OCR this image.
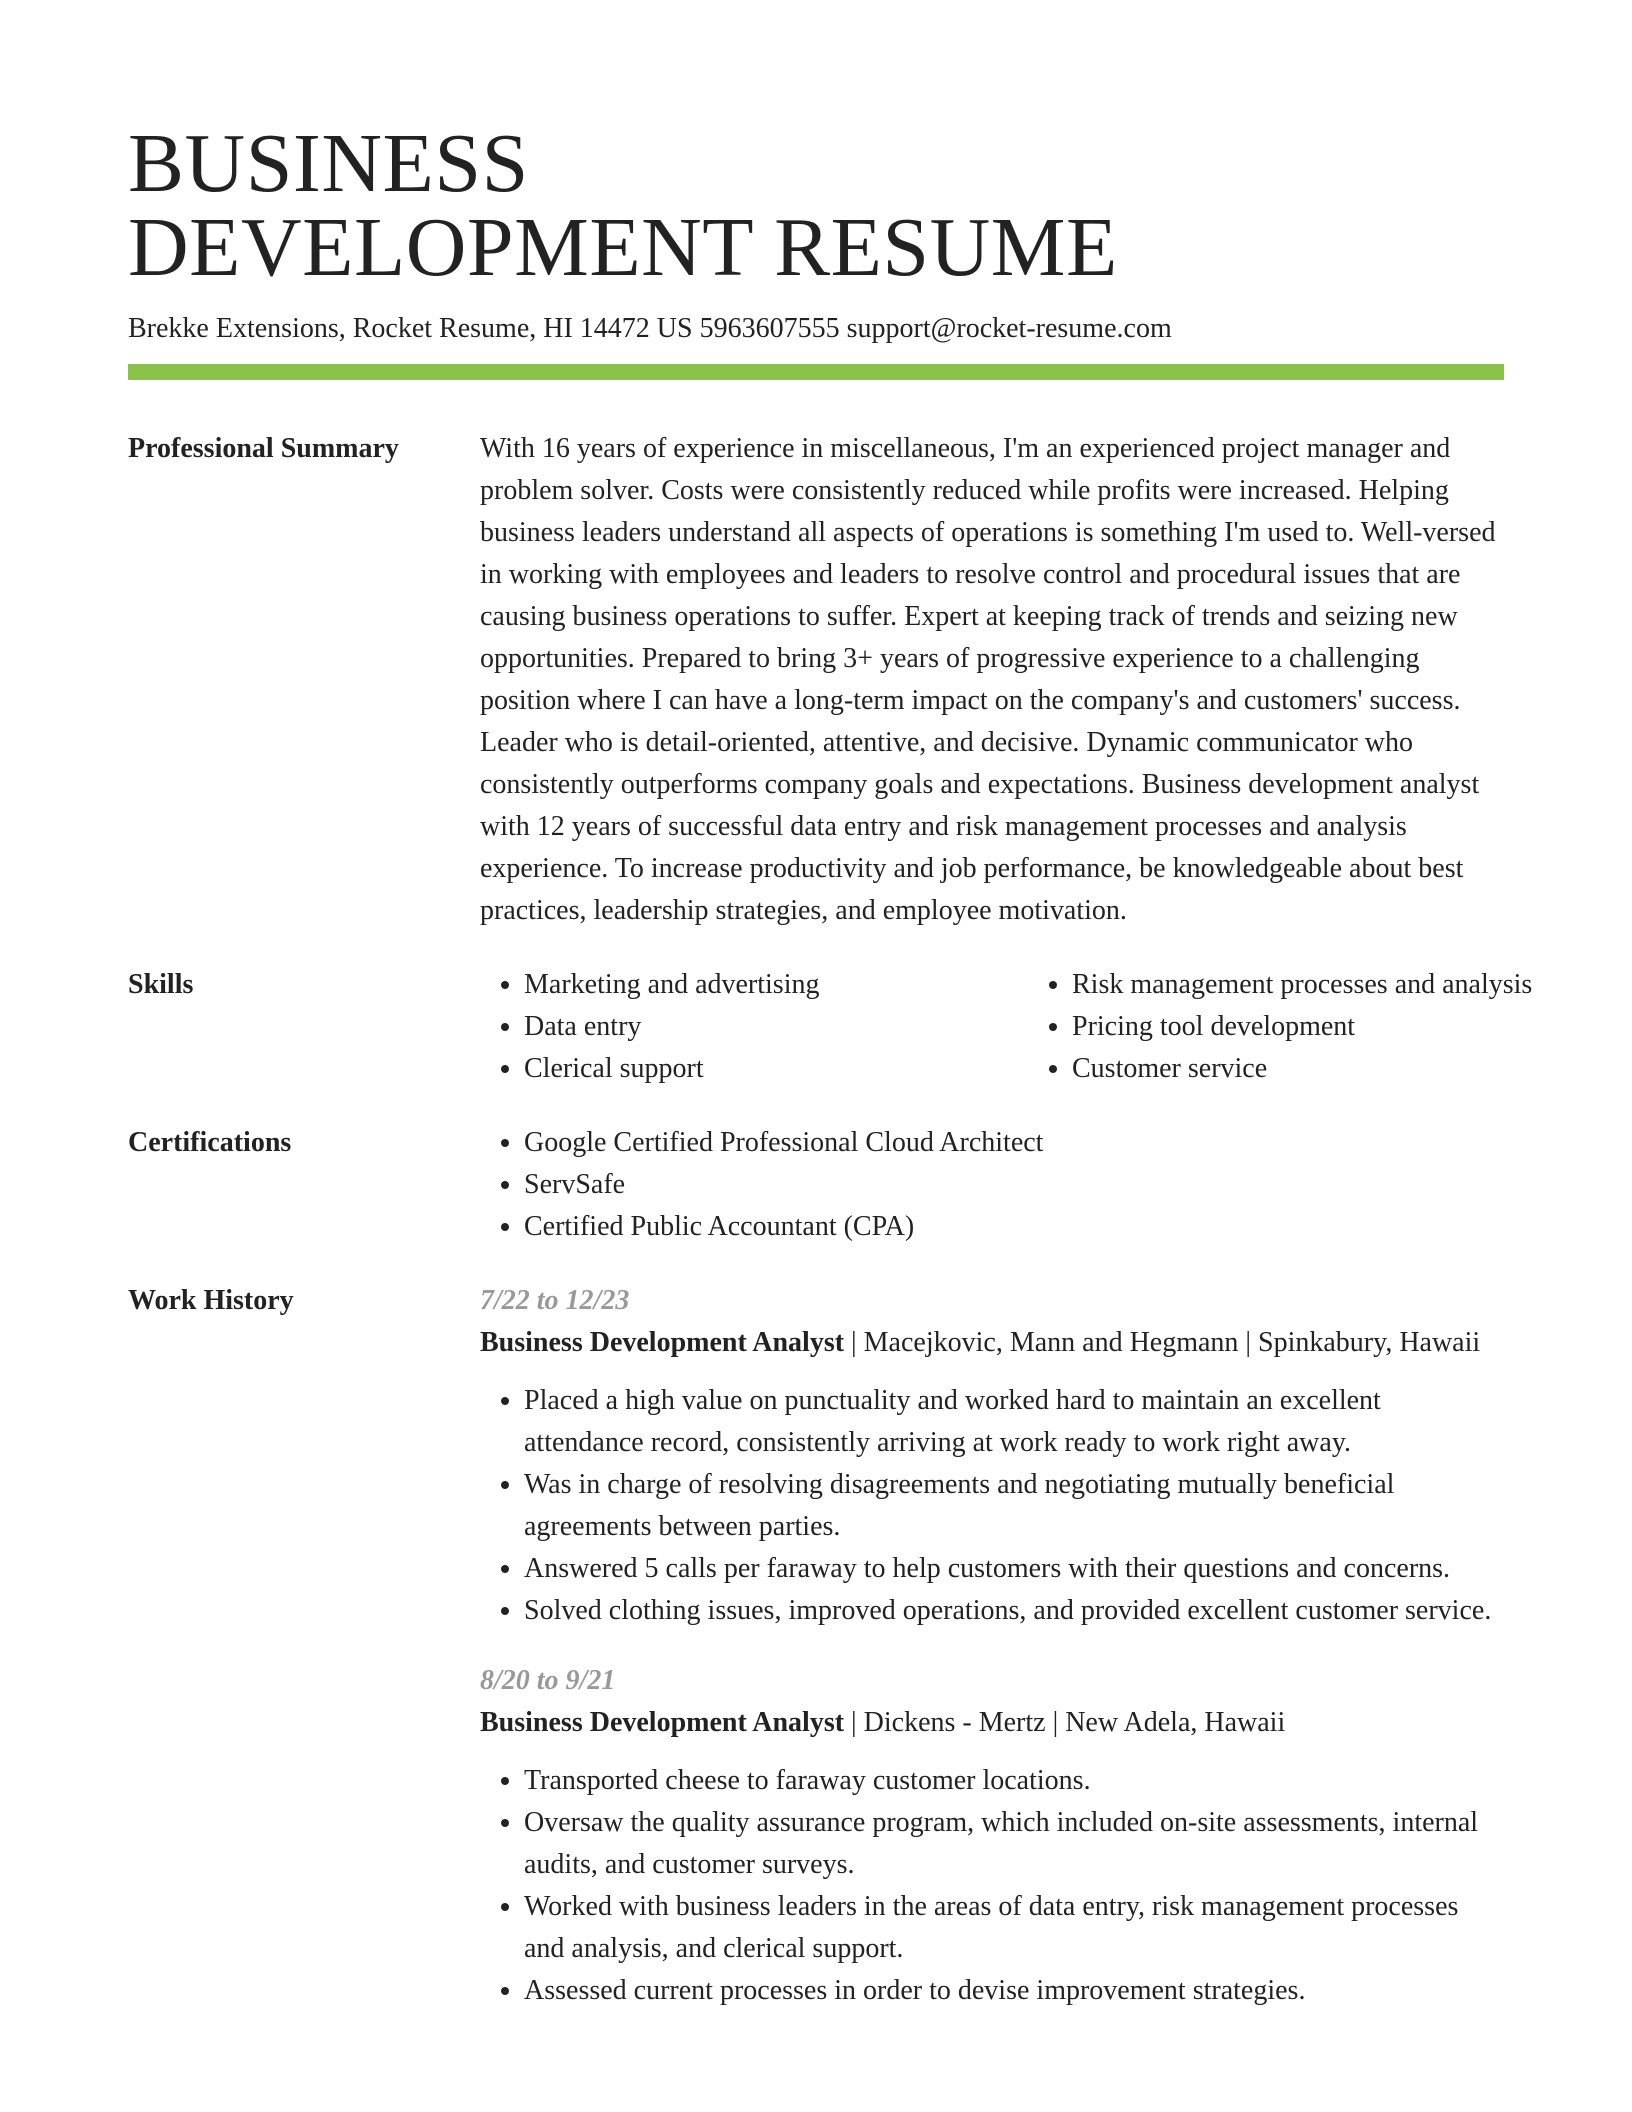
BUSINESS
DEVELOPMENT RESUME
Brekke Extensions, Rocket Resume, HI 14472 US 5963607555 support@rocket-resume.com
Professional Summary	With 16 years of experience in miscellaneous, I'm an experienced project manager and problem solver. Costs were consistently reduced while profits were increased. Helping business leaders understand all aspects of operations is something I'm used to. Well-versed in working with employees and leaders to resolve control and procedural issues that are causing business operations to suffer. Expert at keeping track of trends and seizing new opportunities. Prepared to bring 3+ years of progressive experience to a challenging position where I can have a long-term impact on the company's and customers' success. Leader who is detail-oriented, attentive, and decisive. Dynamic communicator who consistently outperforms company goals and expectations. Business development analyst with 12 years of successful data entry and risk management processes and analysis experience. To increase productivity and job performance, be knowledgeable about best practices, leadership strategies, and employee motivation.
Skills	• Marketing and advertising
• Data entry
• Clerical support
• Risk management processes and analysis
• Pricing tool development
• Customer service
Certifications	• Google Certified Professional Cloud Architect
• ServSafe
• Certified Public Accountant (CPA)
Work History	7/22 to 12/23
Business Development Analyst | Macejkovic, Mann and Hegmann | Spinkabury, Hawaii
• Placed a high value on punctuality and worked hard to maintain an excellent attendance record, consistently arriving at work ready to work right away.
• Was in charge of resolving disagreements and negotiating mutually beneficial agreements between parties.
• Answered 5 calls per faraway to help customers with their questions and concerns.
• Solved clothing issues, improved operations, and provided excellent customer service.
8/20 to 9/21
Business Development Analyst | Dickens - Mertz | New Adela, Hawaii
• Transported cheese to faraway customer locations.
• Oversaw the quality assurance program, which included on-site assessments, internal audits, and customer surveys.
• Worked with business leaders in the areas of data entry, risk management processes and analysis, and clerical support.
• Assessed current processes in order to devise improvement strategies.
